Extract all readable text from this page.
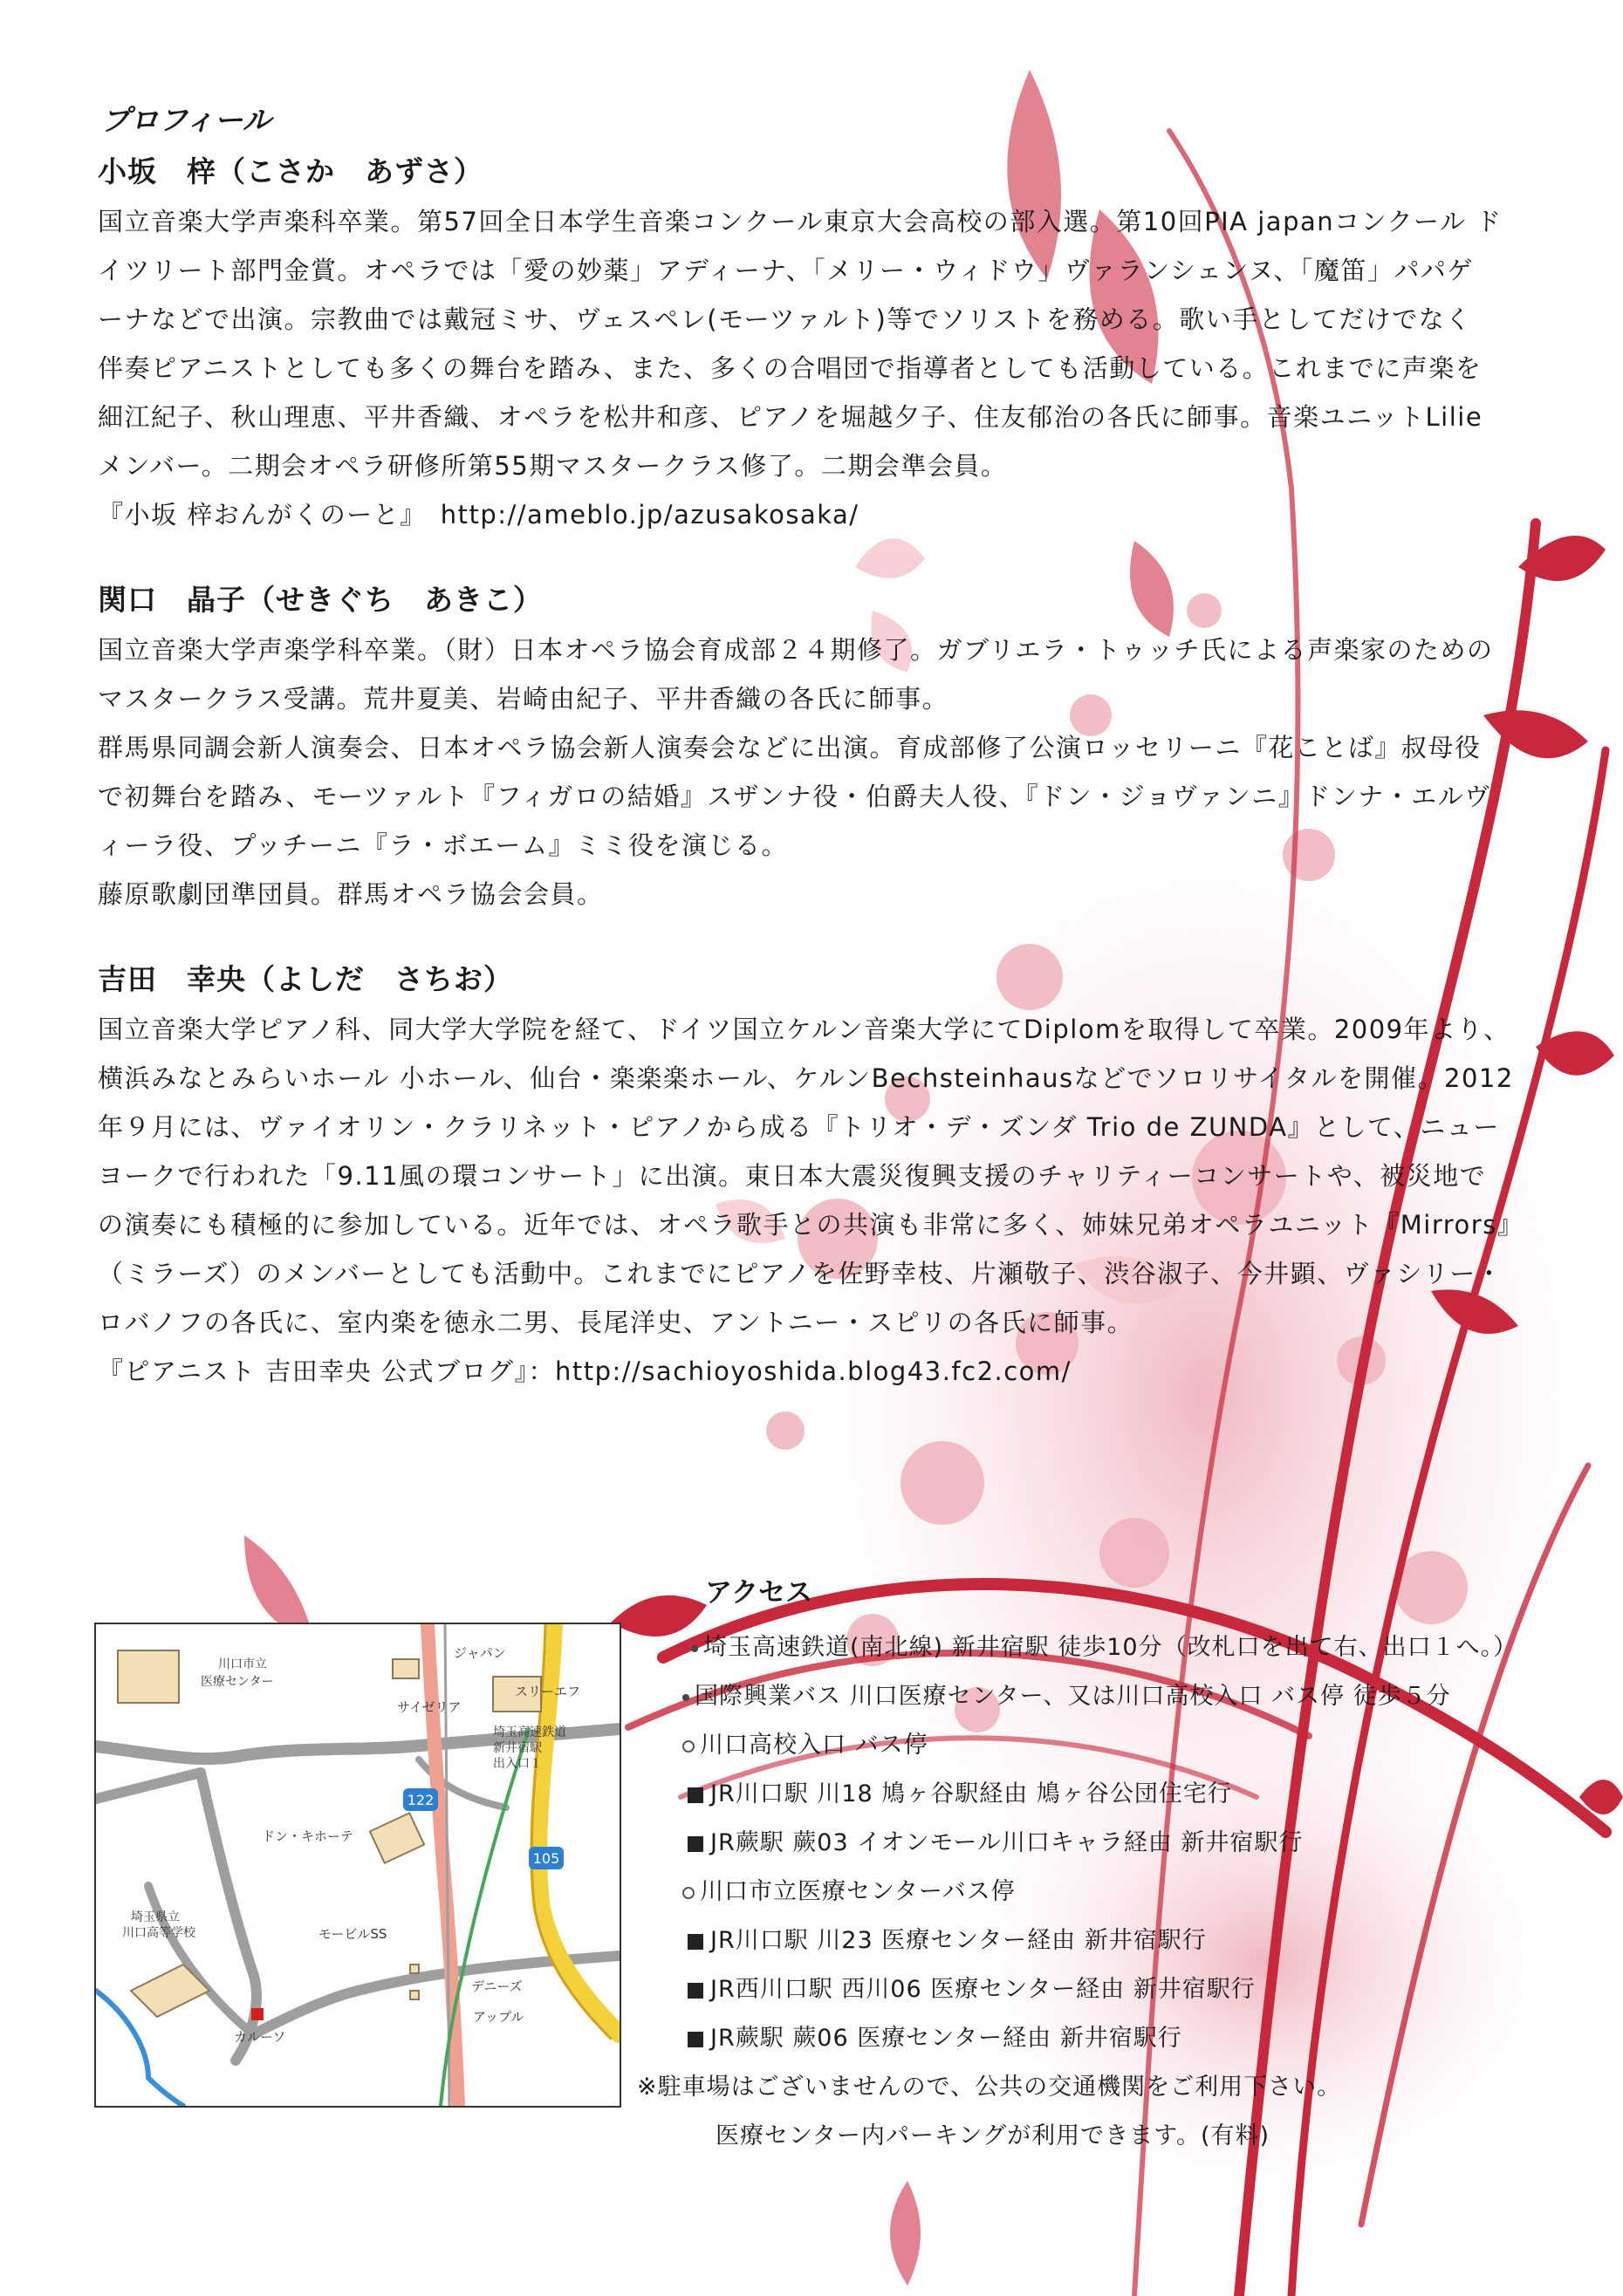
プロフィール
小坂　梓（こさか　あずさ）

国立音楽大学声楽科卒業。第57回全日本学生音楽コンクール東京大会高校の部入選。第10回PIA japanコンクール ド

イツリート部門金賞。オペラでは「愛の妙薬」アディーナ、「メリー・ウィドウ」ヴァランシェンヌ、「魔笛」パパゲ

ーナなどで出演。宗教曲では戴冠ミサ、ヴェスペレ(モーツァルト)等でソリストを務める。歌い手としてだけでなく

伴奏ピアニストとしても多くの舞台を踏み、また、多くの合唱団で指導者としても活動している。これまでに声楽を

細江紀子、秋山理恵、平井香織、オペラを松井和彦、ピアノを堀越夕子、住友郁治の各氏に師事。音楽ユニットLilie

メンバー。二期会オペラ研修所第55期マスタークラス修了。二期会準会員。

『小坂 梓おんがくのーと』　http://ameblo.jp/azusakosaka/

関口　晶子（せきぐち　あきこ）

国立音楽大学声楽学科卒業。（財）日本オペラ協会育成部２４期修了。ガブリエラ・トゥッチ氏による声楽家のための

マスタークラス受講。荒井夏美、岩崎由紀子、平井香織の各氏に師事。

群馬県同調会新人演奏会、日本オペラ協会新人演奏会などに出演。育成部修了公演ロッセリーニ『花ことば』叔母役

で初舞台を踏み、モーツァルト『フィガロの結婚』スザンナ役・伯爵夫人役、『ドン・ジョヴァンニ』ドンナ・エルヴ

ィーラ役、プッチーニ『ラ・ボエーム』ミミ役を演じる。

藤原歌劇団準団員。群馬オペラ協会会員。

吉田　幸央（よしだ　さちお）

国立音楽大学ピアノ科、同大学大学院を経て、ドイツ国立ケルン音楽大学にてDiplomを取得して卒業。2009年より、

横浜みなとみらいホール 小ホール、仙台・楽楽楽ホール、ケルンBechsteinhausなどでソロリサイタルを開催。2012

年９月には、ヴァイオリン・クラリネット・ピアノから成る『トリオ・デ・ズンダ Trio de ZUNDA』として、ニュー

ヨークで行われた「9.11風の環コンサート」に出演。東日本大震災復興支援のチャリティーコンサートや、被災地で

の演奏にも積極的に参加している。近年では、オペラ歌手との共演も非常に多く、姉妹兄弟オペラユニット『Mirrors』

（ミラーズ）のメンバーとしても活動中。これまでにピアノを佐野幸枝、片瀬敬子、渋谷淑子、今井顕、ヴァシリー・

ロバノフの各氏に、室内楽を徳永二男、長尾洋史、アントニー・スピリの各氏に師事。

『ピアニスト 吉田幸央 公式ブログ』：http://sachioyoshida.blog43.fc2.com/

122
105
ジャパン
サイゼリア
スリーエフ
ドン・キホーテ
モービルSS
デニーズ
アップル
カルーソ
川口市立 医療センター
埼玉高速鉄道 新井宿駅 出入口１
埼玉県立 川口高等学校
アクセス
埼玉高速鉄道(南北線) 新井宿駅 徒歩10分（改札口を出て右、出口１へ。）
国際興業バス 川口医療センター、又は川口高校入口 バス停 徒歩５分
川口高校入口 バス停
JR川口駅 川18 鳩ヶ谷駅経由 鳩ヶ谷公団住宅行
JR蕨駅 蕨03 イオンモール川口キャラ経由 新井宿駅行
川口市立医療センターバス停
JR川口駅 川23 医療センター経由 新井宿駅行
JR西川口駅 西川06 医療センター経由 新井宿駅行
JR蕨駅 蕨06 医療センター経由 新井宿駅行
※駐車場はございませんので、公共の交通機関をご利用下さい。
医療センター内パーキングが利用できます。(有料)
